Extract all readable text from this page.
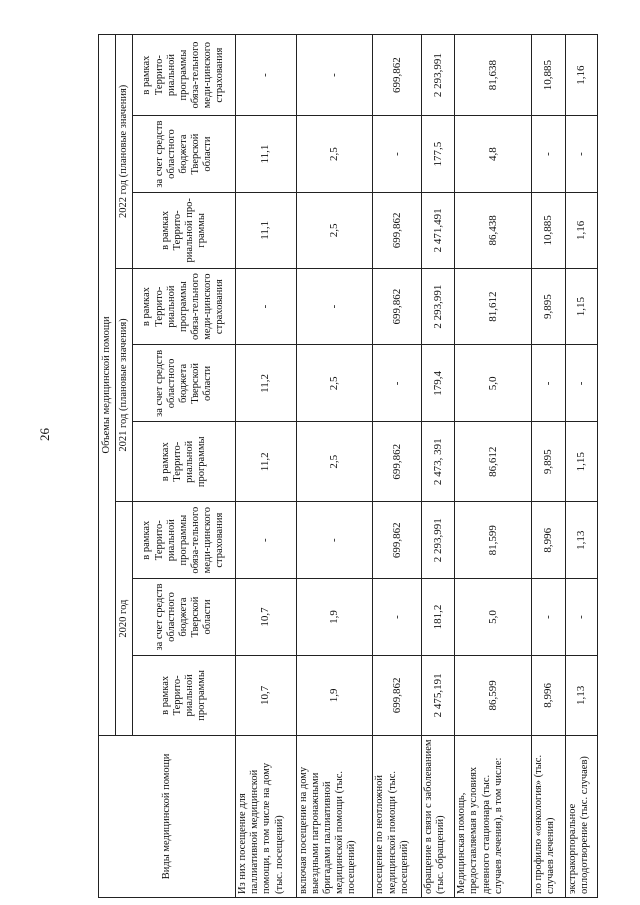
26
Виды медицинской помощи	Объемы медицинской помощи								
	2020 год			2021 год (плановые значения)			2022 год (плановые значения)		
	в рамках Террито-риальной программы	за счет средств областного бюджета Тверской области	в рамках Террито-риальной программы обяза-тельного меди-цинского страхования	в рамках Террито-риальной программы	за счет средств областного бюджета Тверской области	в рамках Террито-риальной программы обяза-тельного меди-цинского страхования	в рамках Террито-риальной про-граммы	за счет средств областного бюджета Тверской области	в рамках Террито-риальной программы обяза-тельного меди-цинского страхования
Из них посещение для паллиативной медицинской помощи, в том числе на дому (тыс. посещений)	10,7	10,7	-	11,2	11,2	-	11,1	11,1	-
включая посещение на дому выездными патронажными бригадами паллиативной медицинской помощи (тыс. посещений)	1,9	1,9	-	2,5	2,5	-	2,5	2,5	-
посещение по неотложной медицинской помощи (тыс. посещений)	699,862	-	699,862	699,862	-	699,862	699,862	-	699,862
обращение в связи с заболеванием (тыс. обращений)	2 475,191	181,2	2 293,991	2 473, 391	179,4	2 293,991	2 471,491	177,5	2 293,991
Медицинская помощь, предоставляемая в условиях дневного стационара (тыс. случаев лечения), в том числе:	86,599	5,0	81,599	86,612	5,0	81,612	86,438	4,8	81,638
по профилю «онкология» (тыс. случаев лечения)	8,996	-	8,996	9,895	-	9,895	10,885	-	10,885
экстракорпоральное оплодотворение (тыс. случаев)	1,13	-	1,13	1,15	-	1,15	1,16	-	1,16
